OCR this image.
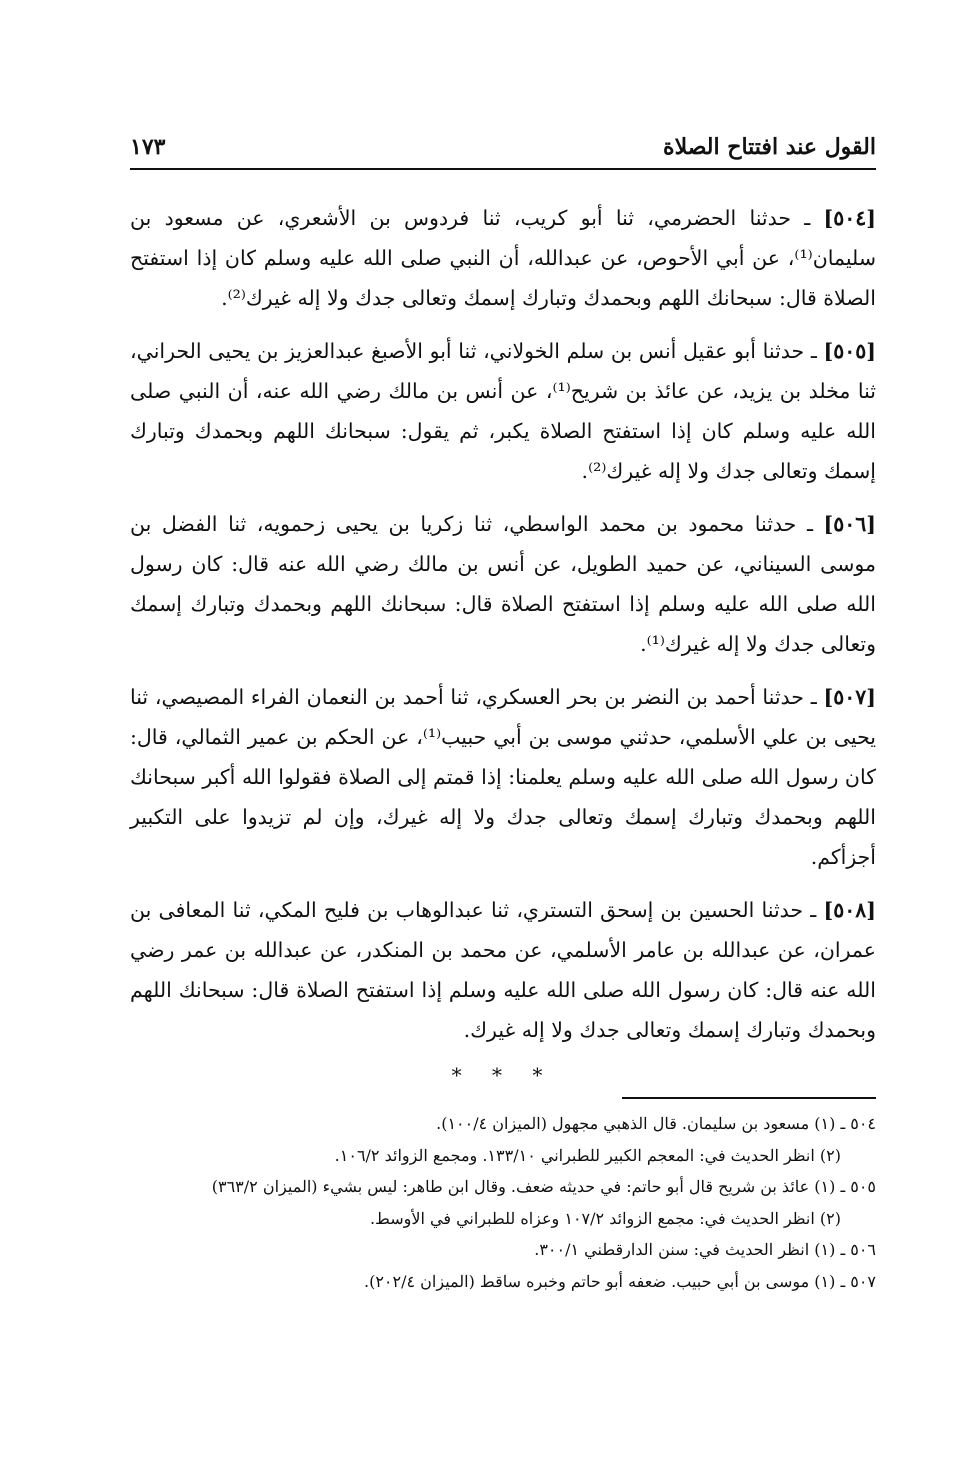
القول عند افتتاح الصلاة
١٧٣

[٥٠٤] ـ حدثنا الحضرمي، ثنا أبو كريب، ثنا فردوس بن الأشعري، عن مسعود بن سليمان⁽¹⁾، عن أبي الأحوص، عن عبدالله، أن النبي صلى الله عليه وسلم كان إذا استفتح الصلاة قال: سبحانك اللهم وبحمدك وتبارك إسمك وتعالى جدك ولا إله غيرك⁽²⁾.

[٥٠٥] ـ حدثنا أبو عقيل أنس بن سلم الخولاني، ثنا أبو الأصبغ عبدالعزيز بن يحيى الحراني، ثنا مخلد بن يزيد، عن عائذ بن شريح⁽¹⁾، عن أنس بن مالك رضي الله عنه، أن النبي صلى الله عليه وسلم كان إذا استفتح الصلاة يكبر، ثم يقول: سبحانك اللهم وبحمدك وتبارك إسمك وتعالى جدك ولا إله غيرك⁽²⁾.

[٥٠٦] ـ حدثنا محمود بن محمد الواسطي، ثنا زكريا بن يحيى زحمويه، ثنا الفضل بن موسى السيناني، عن حميد الطويل، عن أنس بن مالك رضي الله عنه قال: كان رسول الله صلى الله عليه وسلم إذا استفتح الصلاة قال: سبحانك اللهم وبحمدك وتبارك إسمك وتعالى جدك ولا إله غيرك⁽¹⁾.

[٥٠٧] ـ حدثنا أحمد بن النضر بن بحر العسكري، ثنا أحمد بن النعمان الفراء المصيصي، ثنا يحيى بن علي الأسلمي، حدثني موسى بن أبي حبيب⁽¹⁾، عن الحكم بن عمير الثمالي، قال: كان رسول الله صلى الله عليه وسلم يعلمنا: إذا قمتم إلى الصلاة فقولوا الله أكبر سبحانك اللهم وبحمدك وتبارك إسمك وتعالى جدك ولا إله غيرك، وإن لم تزيدوا على التكبير أجزأكم.

[٥٠٨] ـ حدثنا الحسين بن إسحق التستري، ثنا عبدالوهاب بن فليح المكي، ثنا المعافى بن عمران، عن عبدالله بن عامر الأسلمي، عن محمد بن المنكدر، عن عبدالله بن عمر رضي الله عنه قال: كان رسول الله صلى الله عليه وسلم إذا استفتح الصلاة قال: سبحانك اللهم وبحمدك وتبارك إسمك وتعالى جدك ولا إله غيرك.

* * *
٥٠٤ ـ (١) مسعود بن سليمان. قال الذهبي مجهول (الميزان ١٠٠/٤).
(٢) انظر الحديث في: المعجم الكبير للطبراني ١٣٣/١٠. ومجمع الزوائد ١٠٦/٢.
٥٠٥ ـ (١) عائذ بن شريح قال أبو حاتم: في حديثه ضعف. وقال ابن طاهر: ليس بشيء (الميزان ٣٦٣/٢)
(٢) انظر الحديث في: مجمع الزوائد ١٠٧/٢ وعزاه للطبراني في الأوسط.
٥٠٦ ـ (١) انظر الحديث في: سنن الدارقطني ٣٠٠/١.
٥٠٧ ـ (١) موسى بن أبي حبيب. ضعفه أبو حاتم وخبره ساقط (الميزان ٢٠٢/٤).
